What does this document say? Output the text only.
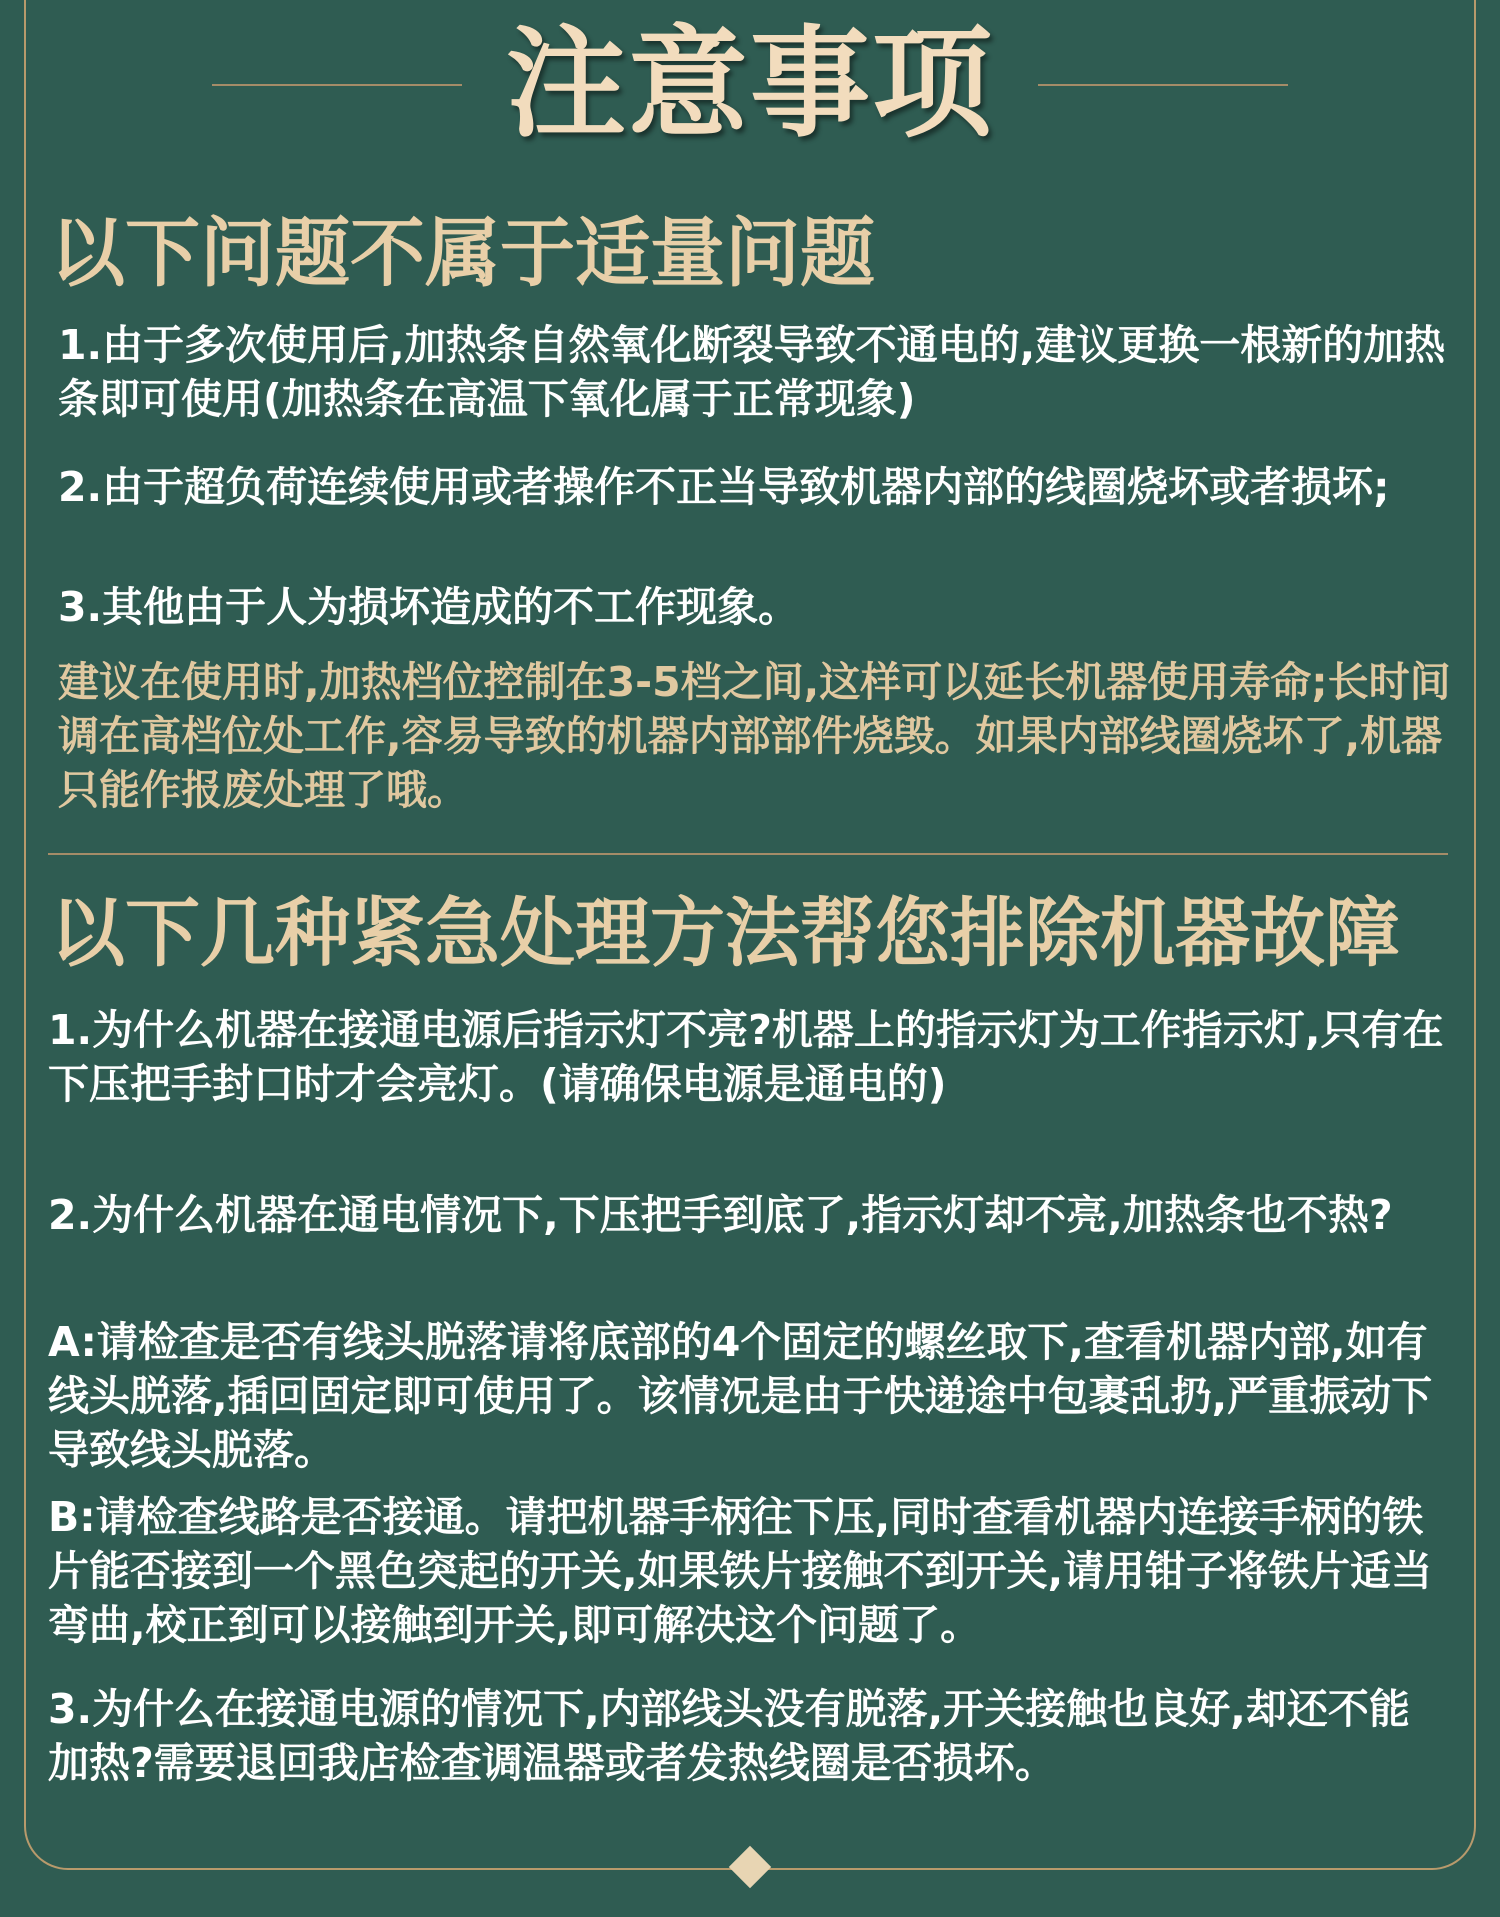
注意事项
以下问题不属于适量问题

1.由于多次使用后,加热条自然氧化断裂导致不通电的,建议更换一根新的加热条即可使用(加热条在高温下氧化属于正常现象)

2.由于超负荷连续使用或者操作不正当导致机器内部的线圈烧坏或者损坏;

3.其他由于人为损坏造成的不工作现象。

建议在使用时,加热档位控制在3-5档之间,这样可以延长机器使用寿命;长时间调在高档位处工作,容易导致的机器内部部件烧毁。如果内部线圈烧坏了,机器只能作报废处理了哦。

以下几种紧急处理方法帮您排除机器故障

1.为什么机器在接通电源后指示灯不亮?机器上的指示灯为工作指示灯,只有在下压把手封口时才会亮灯。(请确保电源是通电的)

2.为什么机器在通电情况下,下压把手到底了,指示灯却不亮,加热条也不热?

A:请检查是否有线头脱落请将底部的4个固定的螺丝取下,查看机器内部,如有线头脱落,插回固定即可使用了。该情况是由于快递途中包裹乱扔,严重振动下导致线头脱落。

B:请检查线路是否接通。请把机器手柄往下压,同时查看机器内连接手柄的铁片能否接到一个黑色突起的开关,如果铁片接触不到开关,请用钳子将铁片适当弯曲,校正到可以接触到开关,即可解决这个问题了。

3.为什么在接通电源的情况下,内部线头没有脱落,开关接触也良好,却还不能加热?需要退回我店检查调温器或者发热线圈是否损坏。
